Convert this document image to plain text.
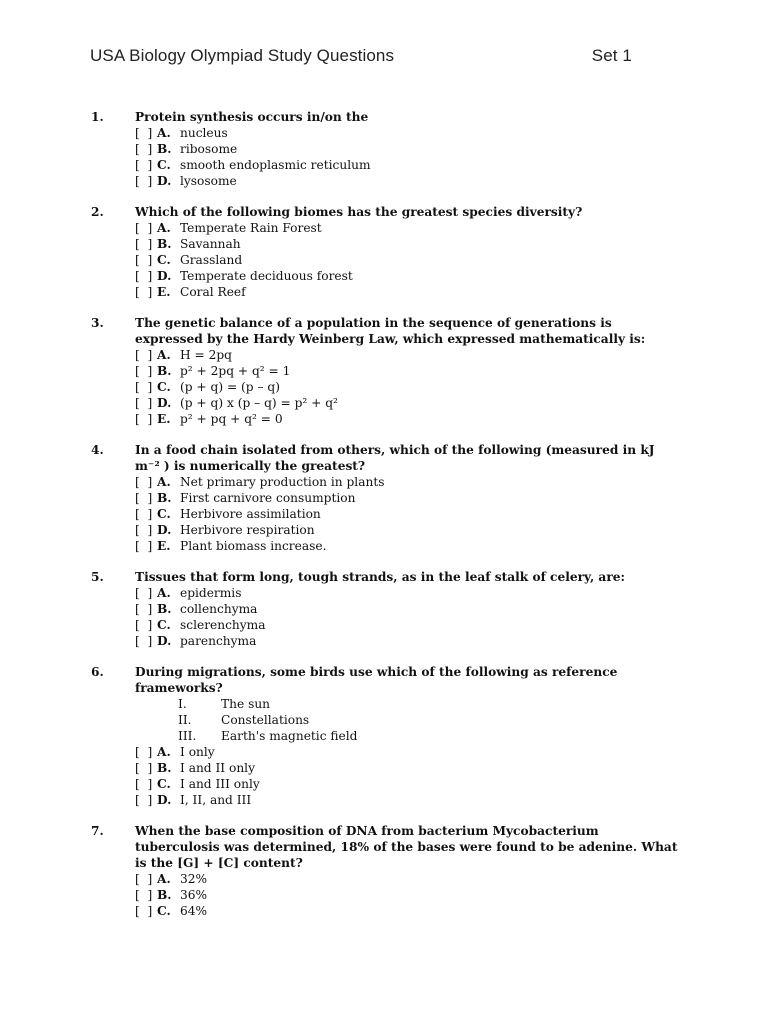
USA Biology Olympiad Study Questions	Set 1
1.	Protein synthesis occurs in/on the
[  ] A. nucleus
[  ] B. ribosome
[  ] C. smooth endoplasmic reticulum
[  ] D. lysosome
2.	Which of the following biomes has the greatest species diversity?
[  ] A. Temperate Rain Forest
[  ] B. Savannah
[  ] C. Grassland
[  ] D. Temperate deciduous forest
[  ] E. Coral Reef
3.	The genetic balance of a population in the sequence of generations is expressed by the Hardy Weinberg Law, which expressed mathematically is:
[  ] A. H = 2pq
[  ] B. p² + 2pq + q² = 1
[  ] C. (p + q) = (p – q)
[  ] D. (p + q) x (p – q) = p² + q²
[  ] E. p² + pq + q² = 0
4.	In a food chain isolated from others, which of the following (measured in kJ m⁻² ) is numerically the greatest?
[  ] A. Net primary production in plants
[  ] B. First carnivore consumption
[  ] C. Herbivore assimilation
[  ] D. Herbivore respiration
[  ] E. Plant biomass increase.
5.	Tissues that form long, tough strands, as in the leaf stalk of celery, are:
[  ] A. epidermis
[  ] B. collenchyma
[  ] C. sclerenchyma
[  ] D. parenchyma
6.	During migrations, some birds use which of the following as reference frameworks?
I.	The sun
II.	Constellations
III.	Earth's magnetic field
[  ] A. I only
[  ] B. I and II only
[  ] C. I and III only
[  ] D. I, II, and III
7.	When the base composition of DNA from bacterium Mycobacterium tuberculosis was determined, 18% of the bases were found to be adenine. What is the [G] + [C] content?
[  ] A. 32%
[  ] B. 36%
[  ] C. 64%
